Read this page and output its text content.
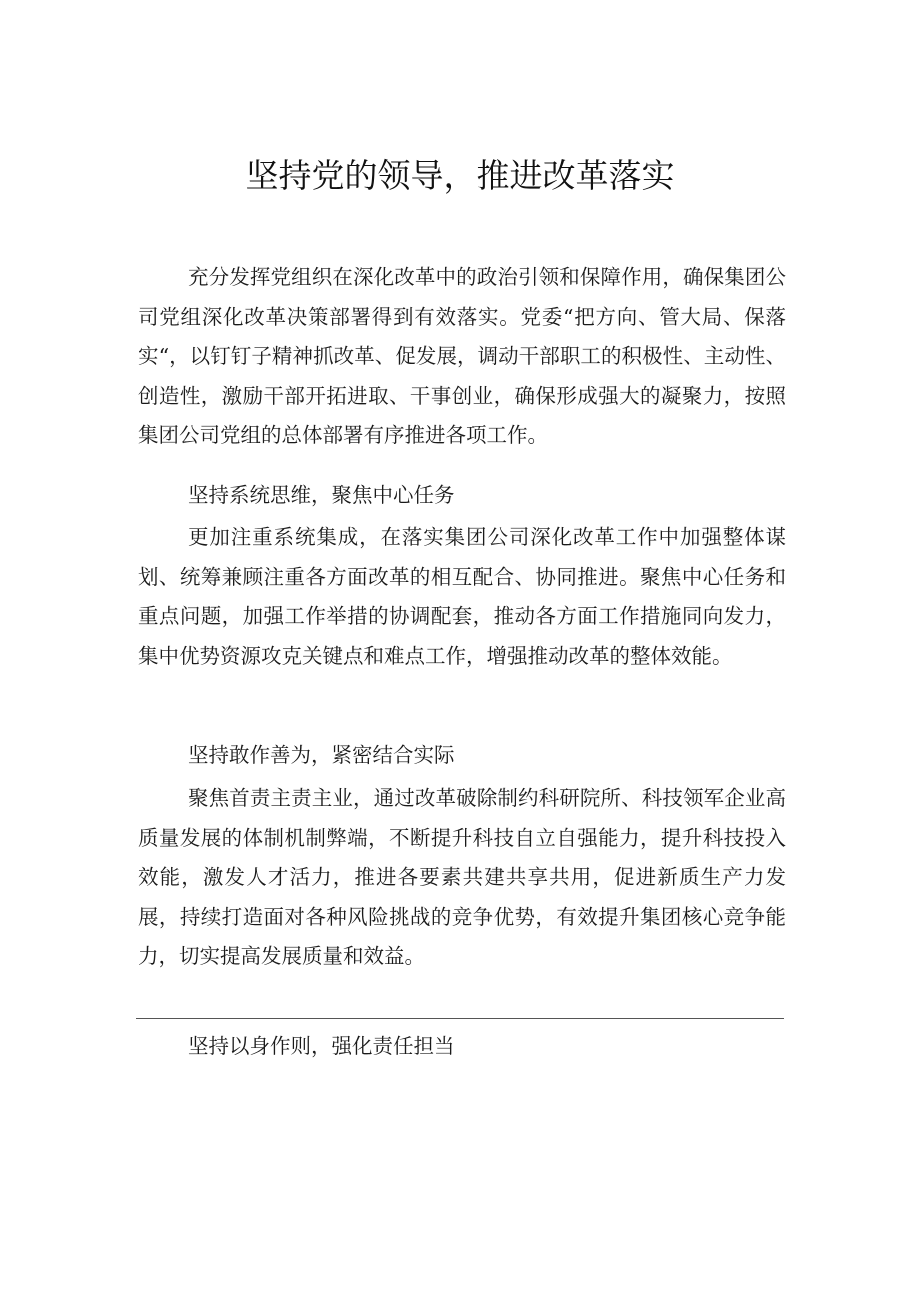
坚持党的领导，推进改革落实

充分发挥党组织在深化改革中的政治引领和保障作用，确保集团公司党组深化改革决策部署得到有效落实。党委“把方向、管大局、保落实“，以钉钉子精神抓改革、促发展，调动干部职工的积极性、主动性、创造性，激励干部开拓进取、干事创业，确保形成强大的凝聚力，按照集团公司党组的总体部署有序推进各项工作。

坚持系统思维，聚焦中心任务

更加注重系统集成，在落实集团公司深化改革工作中加强整体谋划、统筹兼顾注重各方面改革的相互配合、协同推进。聚焦中心任务和重点问题，加强工作举措的协调配套，推动各方面工作措施同向发力，集中优势资源攻克关键点和难点工作，增强推动改革的整体效能。

坚持敢作善为，紧密结合实际

聚焦首责主责主业，通过改革破除制约科研院所、科技领军企业高质量发展的体制机制弊端，不断提升科技自立自强能力，提升科技投入效能，激发人才活力，推进各要素共建共享共用，促进新质生产力发展，持续打造面对各种风险挑战的竞争优势，有效提升集团核心竞争能力，切实提高发展质量和效益。

坚持以身作则，强化责任担当
